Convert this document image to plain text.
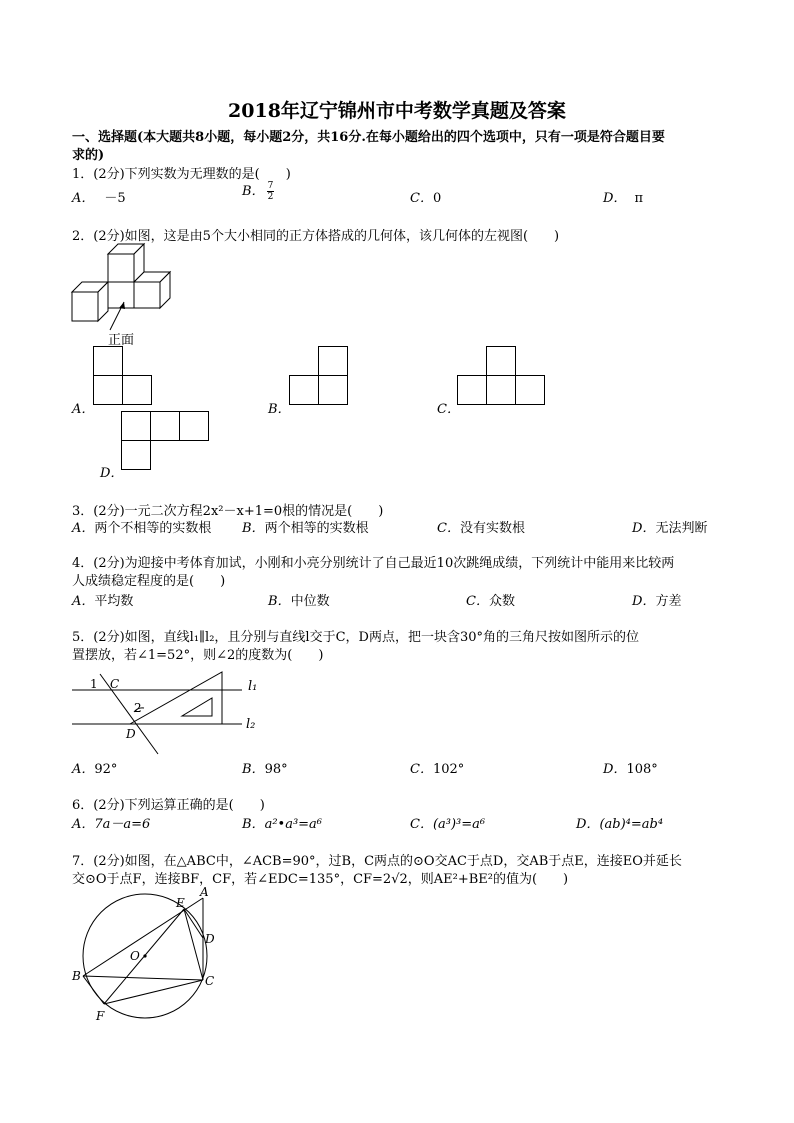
2018年辽宁锦州市中考数学真题及答案
一、选择题(本大题共8小题，每小题2分，共16分.在每小题给出的四个选项中，只有一项是符合题目要
求的)
1．(2分)下列实数为无理数的是(　　)
A． －5	B． $\frac{7}{2}$	C．0	D． π
2．(2分)如图，这是由5个大小相同的正方体搭成的几何体，该几何体的左视图(　　)
正面
A．	B．	C．
D．
3．(2分)一元二次方程2x²－x+1=0根的情况是(　　)
A．两个不相等的实数根 B．两个相等的实数根	C．没有实数根	D．无法判断
4．(2分)为迎接中考体育加试，小刚和小亮分别统计了自己最近10次跳绳成绩，下列统计中能用来比较两
人成绩稳定程度的是(　　)
A．平均数	B．中位数	C．众数	D．方差
5．(2分)如图，直线l₁∥l₂，且分别与直线l交于C，D两点，把一块含30°角的三角尺按如图所示的位
置摆放，若∠1=52°，则∠2的度数为(　　)
1 C
2
D
l₁
l₂
A．92°	B．98°	C．102°	D．108°
6．(2分)下列运算正确的是(　　)
A．7a－a=6	B．a²•a³=a⁶	C．(a³)³=a⁶	D．(ab)⁴=ab⁴
7．(2分)如图，在△ABC中，∠ACB=90°，过B，C两点的⊙O交AC于点D，交AB于点E，连接EO并延长
交⊙O于点F，连接BF，CF，若∠EDC=135°，CF=2√2，则AE²+BE²的值为(　　)
A
E
D
O
B	C
F
